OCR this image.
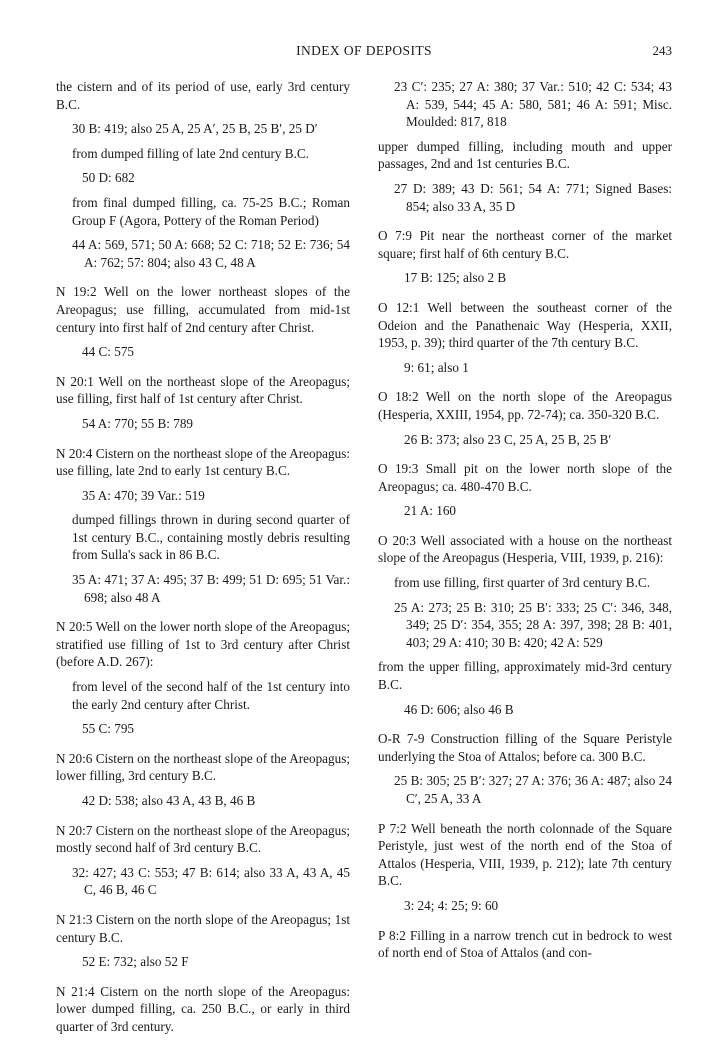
INDEX OF DEPOSITS	243

the cistern and of its period of use, early 3rd century B.C.

30 B: 419; also 25 A, 25 A′, 25 B, 25 B′, 25 D′

from dumped filling of late 2nd century B.C.

50 D: 682

from final dumped filling, ca. 75-25 B.C.; Roman Group F (Agora, Pottery of the Roman Period)

44 A: 569, 571; 50 A: 668; 52 C: 718; 52 E: 736; 54 A: 762; 57: 804; also 43 C, 48 A

N 19:2 Well on the lower northeast slopes of the Areopagus; use filling, accumulated from mid-1st century into first half of 2nd century after Christ.

44 C: 575

N 20:1 Well on the northeast slope of the Areopagus; use filling, first half of 1st century after Christ.

54 A: 770; 55 B: 789

N 20:4 Cistern on the northeast slope of the Areopagus: use filling, late 2nd to early 1st century B.C.

35 A: 470; 39 Var.: 519

dumped fillings thrown in during second quarter of 1st century B.C., containing mostly debris resulting from Sulla's sack in 86 B.C.

35 A: 471; 37 A: 495; 37 B: 499; 51 D: 695; 51 Var.: 698; also 48 A

N 20:5 Well on the lower north slope of the Areopagus; stratified use filling of 1st to 3rd century after Christ (before A.D. 267):

from level of the second half of the 1st century into the early 2nd century after Christ.

55 C: 795

N 20:6 Cistern on the northeast slope of the Areopagus; lower filling, 3rd century B.C.

42 D: 538; also 43 A, 43 B, 46 B

N 20:7 Cistern on the northeast slope of the Areopagus; mostly second half of 3rd century B.C.

32: 427; 43 C: 553; 47 B: 614; also 33 A, 43 A, 45 C, 46 B, 46 C

N 21:3 Cistern on the north slope of the Areopagus; 1st century B.C.

52 E: 732; also 52 F

N 21:4 Cistern on the north slope of the Areopagus: lower dumped filling, ca. 250 B.C., or early in third quarter of 3rd century.

23 C′: 235; 27 A: 380; 37 Var.: 510; 42 C: 534; 43 A: 539, 544; 45 A: 580, 581; 46 A: 591; Misc. Moulded: 817, 818

upper dumped filling, including mouth and upper passages, 2nd and 1st centuries B.C.

27 D: 389; 43 D: 561; 54 A: 771; Signed Bases: 854; also 33 A, 35 D

O 7:9 Pit near the northeast corner of the market square; first half of 6th century B.C.

17 B: 125; also 2 B

O 12:1 Well between the southeast corner of the Odeion and the Panathenaic Way (Hesperia, XXII, 1953, p. 39); third quarter of the 7th century B.C.

9: 61; also 1

O 18:2 Well on the north slope of the Areopagus (Hesperia, XXIII, 1954, pp. 72-74); ca. 350-320 B.C.

26 B: 373; also 23 C, 25 A, 25 B, 25 B′

O 19:3 Small pit on the lower north slope of the Areopagus; ca. 480-470 B.C.

21 A: 160

O 20:3 Well associated with a house on the northeast slope of the Areopagus (Hesperia, VIII, 1939, p. 216):

from use filling, first quarter of 3rd century B.C.

25 A: 273; 25 B: 310; 25 B′: 333; 25 C′: 346, 348, 349; 25 D′: 354, 355; 28 A: 397, 398; 28 B: 401, 403; 29 A: 410; 30 B: 420; 42 A: 529

from the upper filling, approximately mid-3rd century B.C.

46 D: 606; also 46 B

O-R 7-9 Construction filling of the Square Peristyle underlying the Stoa of Attalos; before ca. 300 B.C.

25 B: 305; 25 B′: 327; 27 A: 376; 36 A: 487; also 24 C′, 25 A, 33 A

P 7:2 Well beneath the north colonnade of the Square Peristyle, just west of the north end of the Stoa of Attalos (Hesperia, VIII, 1939, p. 212); late 7th century B.C.

3: 24; 4: 25; 9: 60

P 8:2 Filling in a narrow trench cut in bedrock to west of north end of Stoa of Attalos (and con-
